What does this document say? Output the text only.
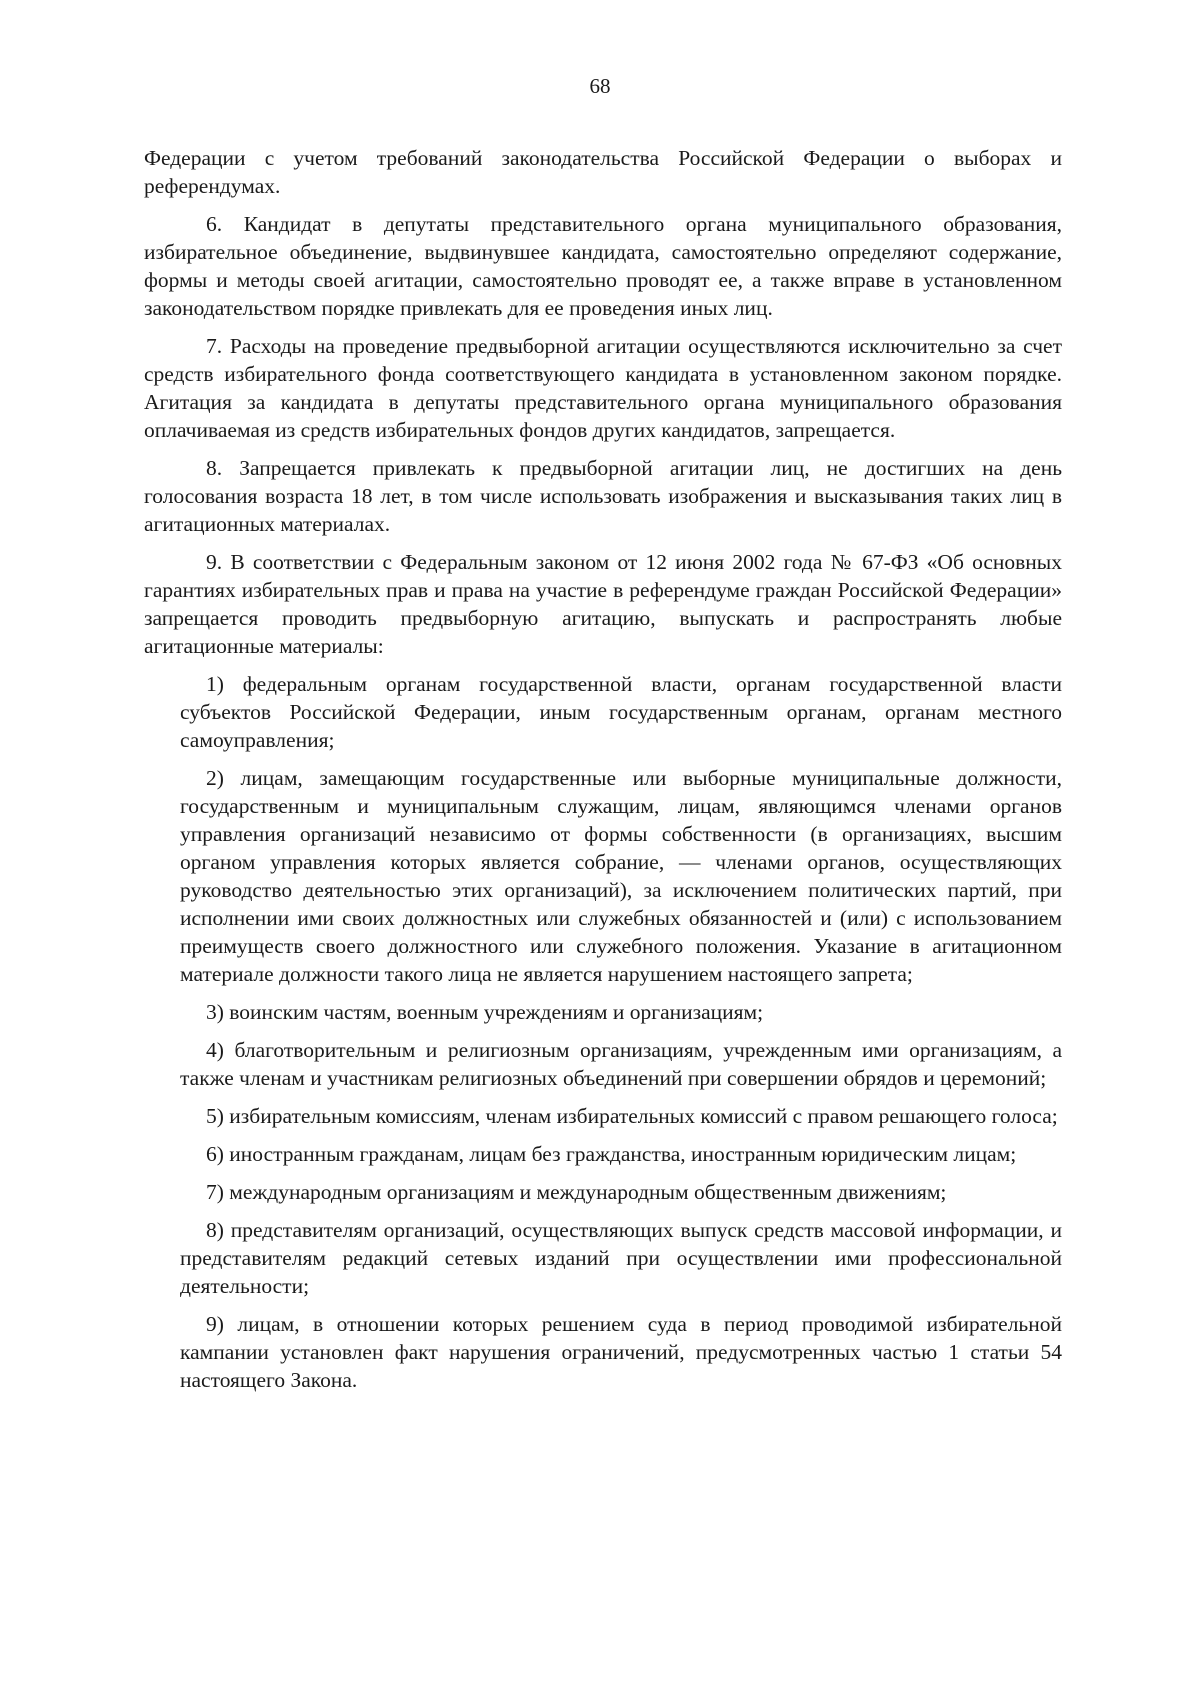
68

Федерации с учетом требований законодательства Российской Федерации о выборах и референдумах.

6. Кандидат в депутаты представительного органа муниципального образования, избирательное объединение, выдвинувшее кандидата, самостоятельно определяют содержание, формы и методы своей агитации, самостоятельно проводят ее, а также вправе в установленном законодательством порядке привлекать для ее проведения иных лиц.

7. Расходы на проведение предвыборной агитации осуществляются исключительно за счет средств избирательного фонда соответствующего кандидата в установленном законом порядке. Агитация за кандидата в депутаты представительного органа муниципального образования оплачиваемая из средств избирательных фондов других кандидатов, запрещается.

8. Запрещается привлекать к предвыборной агитации лиц, не достигших на день голосования возраста 18 лет, в том числе использовать изображения и высказывания таких лиц в агитационных материалах.

9. В соответствии с Федеральным законом от 12 июня 2002 года № 67-ФЗ «Об основных гарантиях избирательных прав и права на участие в референдуме граждан Российской Федерации» запрещается проводить предвыборную агитацию, выпускать и распространять любые агитационные материалы:

1) федеральным органам государственной власти, органам государственной власти субъектов Российской Федерации, иным государственным органам, органам местного самоуправления;

2) лицам, замещающим государственные или выборные муниципальные должности, государственным и муниципальным служащим, лицам, являющимся членами органов управления организаций независимо от формы собственности (в организациях, высшим органом управления которых является собрание, — членами органов, осуществляющих руководство деятельностью этих организаций), за исключением политических партий, при исполнении ими своих должностных или служебных обязанностей и (или) с использованием преимуществ своего должностного или служебного положения. Указание в агитационном материале должности такого лица не является нарушением настоящего запрета;

3) воинским частям, военным учреждениям и организациям;

4) благотворительным и религиозным организациям, учрежденным ими организациям, а также членам и участникам религиозных объединений при совершении обрядов и церемоний;

5) избирательным комиссиям, членам избирательных комиссий с правом решающего голоса;

6) иностранным гражданам, лицам без гражданства, иностранным юридическим лицам;

7) международным организациям и международным общественным движениям;

8) представителям организаций, осуществляющих выпуск средств массовой информации, и представителям редакций сетевых изданий при осуществлении ими профессиональной деятельности;

9) лицам, в отношении которых решением суда в период проводимой избирательной кампании установлен факт нарушения ограничений, предусмотренных частью 1 статьи 54 настоящего Закона.
